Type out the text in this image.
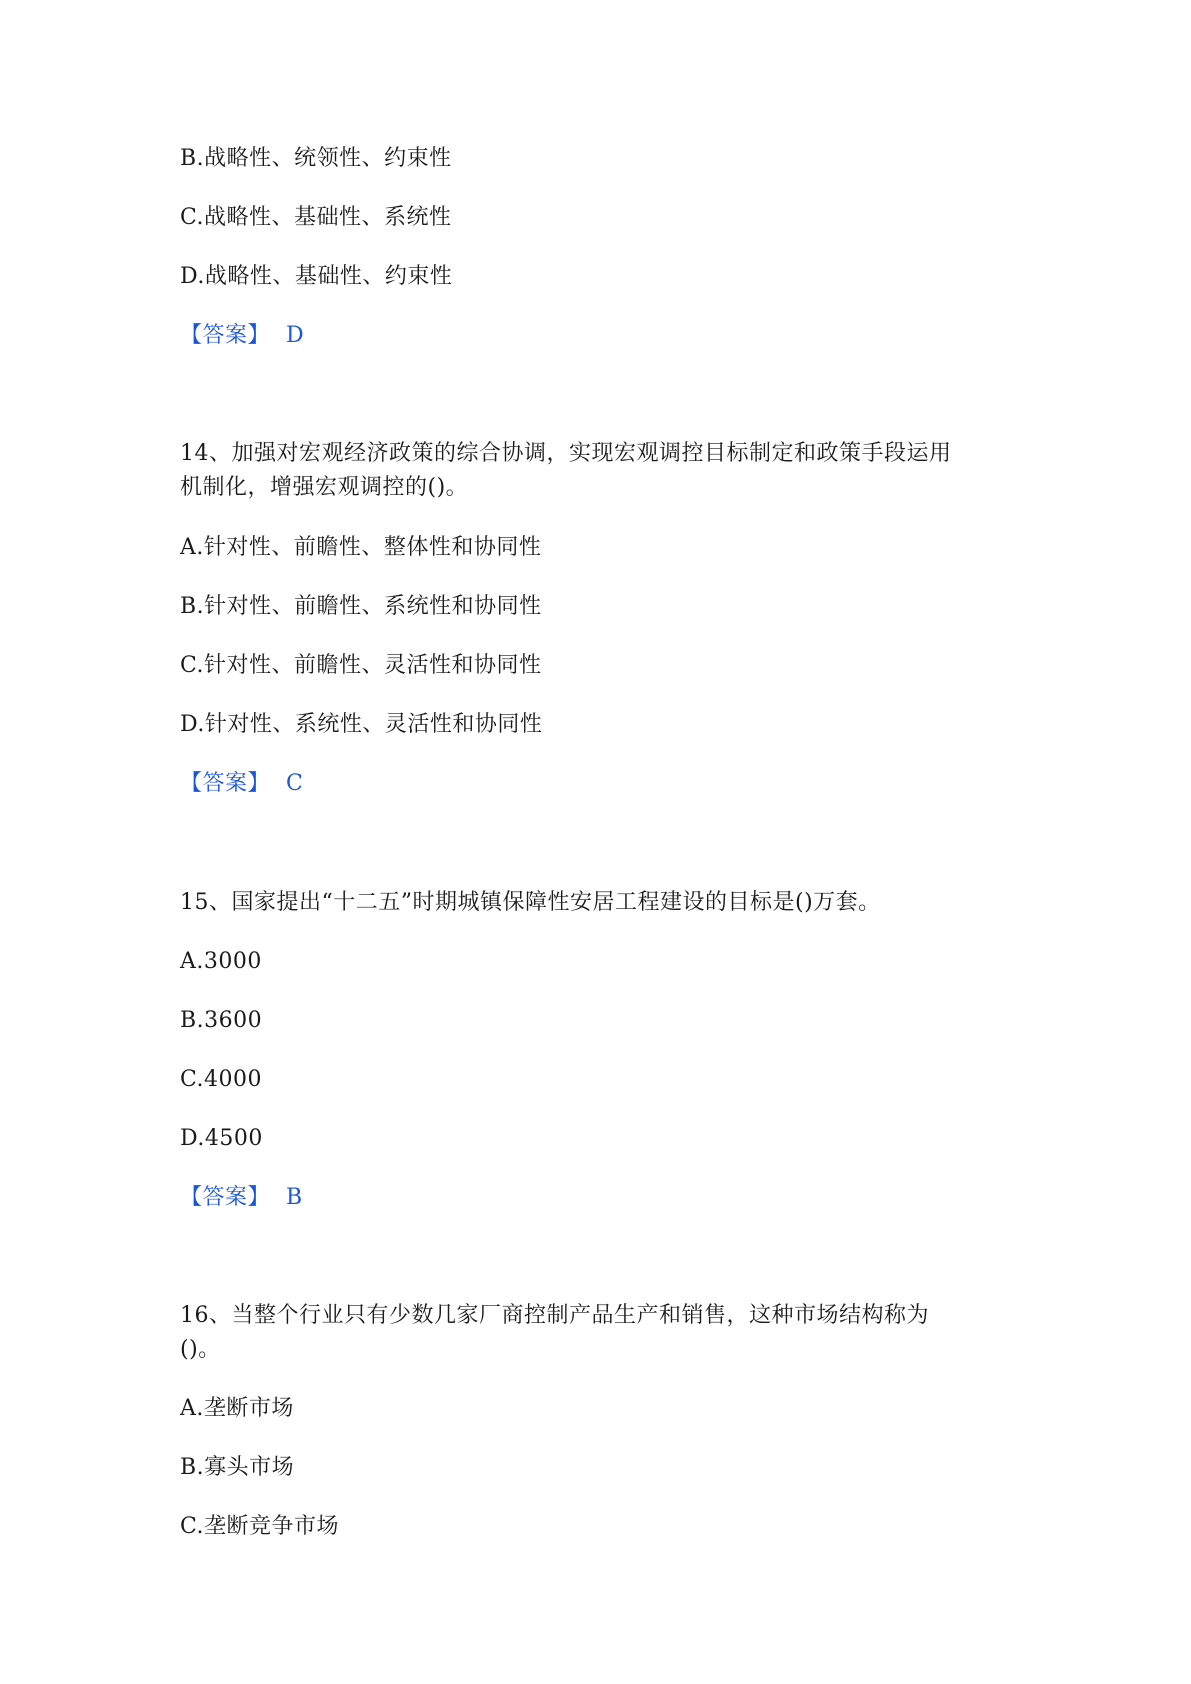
B.战略性、统领性、约束性
C.战略性、基础性、系统性
D.战略性、基础性、约束性
【答案】 D
14、加强对宏观经济政策的综合协调，实现宏观调控目标制定和政策手段运用
机制化，增强宏观调控的()。
A.针对性、前瞻性、整体性和协同性
B.针对性、前瞻性、系统性和协同性
C.针对性、前瞻性、灵活性和协同性
D.针对性、系统性、灵活性和协同性
【答案】 C
15、国家提出“十二五”时期城镇保障性安居工程建设的目标是()万套。
A.3000
B.3600
C.4000
D.4500
【答案】 B
16、当整个行业只有少数几家厂商控制产品生产和销售，这种市场结构称为
()。
A.垄断市场
B.寡头市场
C.垄断竞争市场
